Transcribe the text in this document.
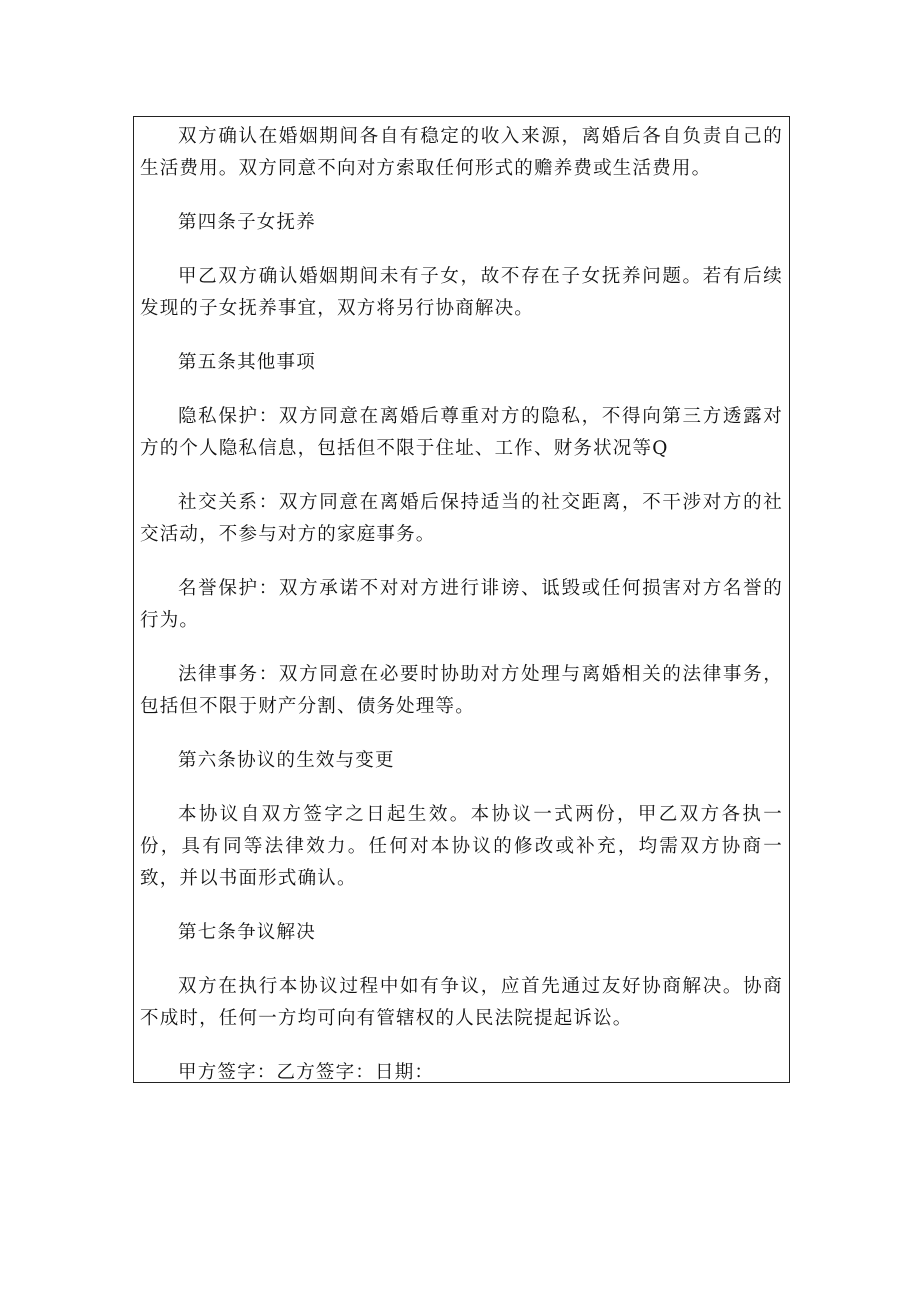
双方确认在婚姻期间各自有稳定的收入来源，离婚后各自负责自己的生活费用。双方同意不向对方索取任何形式的赡养费或生活费用。

第四条子女抚养

甲乙双方确认婚姻期间未有子女，故不存在子女抚养问题。若有后续发现的子女抚养事宜，双方将另行协商解决。

第五条其他事项

隐私保护：双方同意在离婚后尊重对方的隐私，不得向第三方透露对方的个人隐私信息，包括但不限于住址、工作、财务状况等Q

社交关系：双方同意在离婚后保持适当的社交距离，不干涉对方的社交活动，不参与对方的家庭事务。

名誉保护：双方承诺不对对方进行诽谤、诋毁或任何损害对方名誉的行为。

法律事务：双方同意在必要时协助对方处理与离婚相关的法律事务，包括但不限于财产分割、债务处理等。

第六条协议的生效与变更

本协议自双方签字之日起生效。本协议一式两份，甲乙双方各执一份，具有同等法律效力。任何对本协议的修改或补充，均需双方协商一致，并以书面形式确认。

第七条争议解决

双方在执行本协议过程中如有争议，应首先通过友好协商解决。协商不成时，任何一方均可向有管辖权的人民法院提起诉讼。

甲方签字：乙方签字：日期：
